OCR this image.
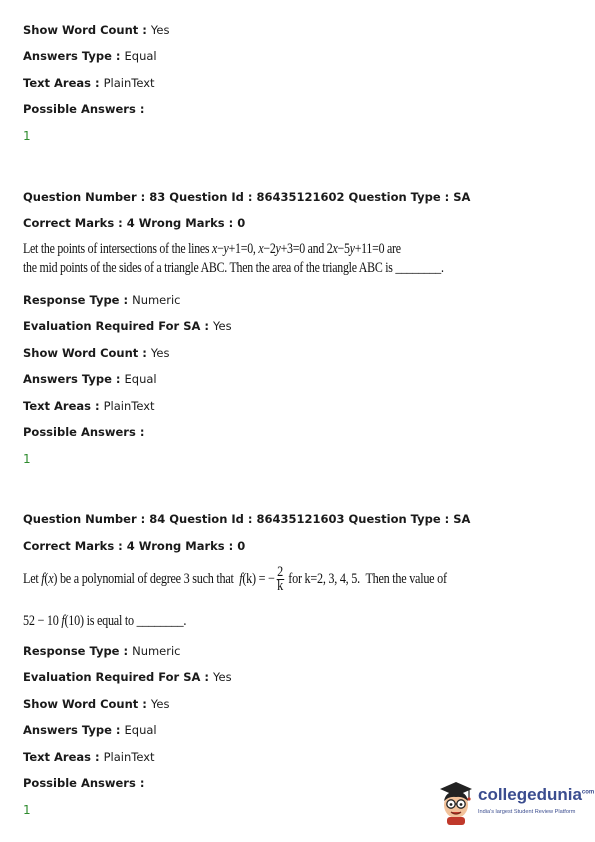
Show Word Count : Yes
Answers Type : Equal
Text Areas : PlainText
Possible Answers :
1
Question Number : 83 Question Id : 86435121602 Question Type : SA
Correct Marks : 4 Wrong Marks : 0
Let the points of intersections of the lines x−y+1=0, x−2y+3=0 and 2x−5y+11=0 are
the mid points of the sides of a triangle ABC. Then the area of the triangle ABC is ________.
Response Type : Numeric
Evaluation Required For SA : Yes
Show Word Count : Yes
Answers Type : Equal
Text Areas : PlainText
Possible Answers :
1
Question Number : 84 Question Id : 86435121603 Question Type : SA
Correct Marks : 4 Wrong Marks : 0
Let f(x) be a polynomial of degree 3 such that  f(k) = − $\frac{2}{k}$ for k=2, 3, 4, 5.  Then the value of
52 − 10 f(10) is equal to ________.
Response Type : Numeric
Evaluation Required For SA : Yes
Show Word Count : Yes
Answers Type : Equal
Text Areas : PlainText
Possible Answers :
1
collegedunia$^{com}$
India's largest Student Review Platform
